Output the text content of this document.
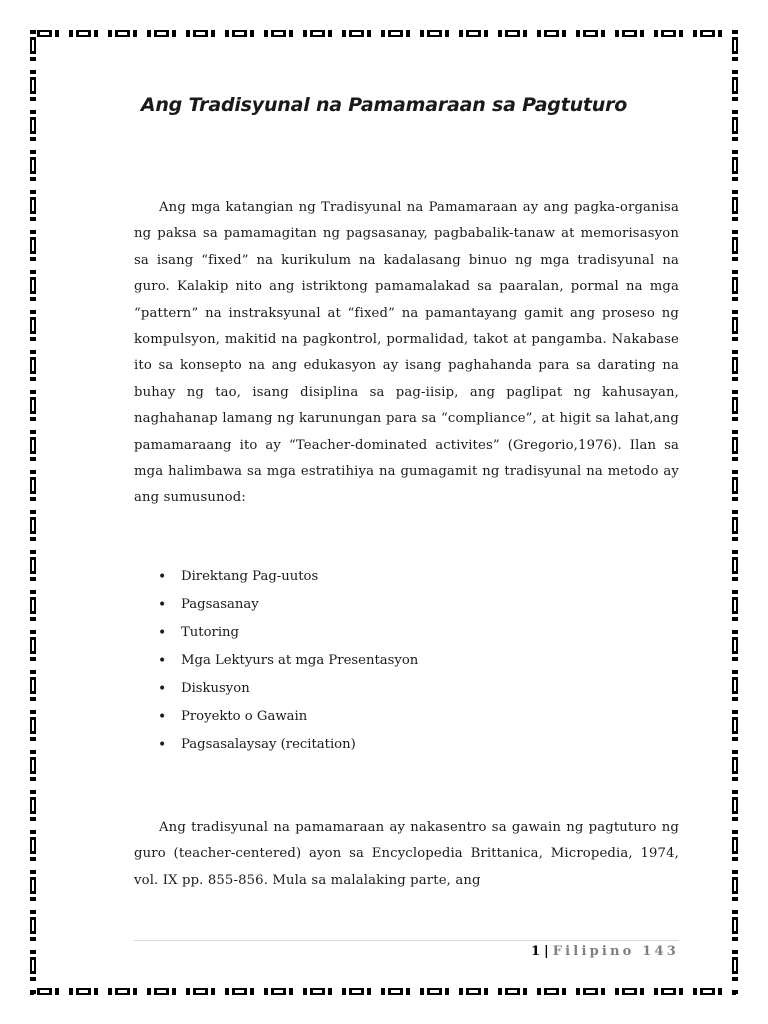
Ang Tradisyunal na Pamamaraan sa Pagtuturo

Ang mga katangian ng Tradisyunal na Pamamaraan ay ang pagka-organisa ng paksa sa pamamagitan ng pagsasanay, pagbabalik-tanaw at memorisasyon sa isang “fixed” na kurikulum na kadalasang binuo ng mga tradisyunal na guro. Kalakip nito ang istriktong pamamalakad sa paaralan, pormal na mga “pattern” na instraksyunal at “fixed” na pamantayang gamit ang proseso ng kompulsyon, makitid na pagkontrol, pormalidad, takot at pangamba. Nakabase ito sa konsepto na ang edukasyon ay isang paghahanda para sa darating na buhay ng tao, isang disiplina sa pag-iisip, ang paglipat ng kahusayan, naghahanap lamang ng karunungan para sa “compliance”, at higit sa lahat,ang pamamaraang ito ay “Teacher-dominated activites” (Gregorio,1976). Ilan sa mga halimbawa sa mga estratihiya na gumagamit ng tradisyunal na metodo ay ang sumusunod:

• Direktang Pag-uutos
• Pagsasanay
• Tutoring
• Mga Lektyurs at mga Presentasyon
• Diskusyon
• Proyekto o Gawain
• Pagsasalaysay (recitation)

Ang tradisyunal na pamamaraan ay nakasentro sa gawain ng pagtuturo ng guro (teacher-centered) ayon sa Encyclopedia Brittanica, Micropedia, 1974, vol. IX pp. 855-856. Mula sa malalaking parte, ang

1 | Filipino 143
